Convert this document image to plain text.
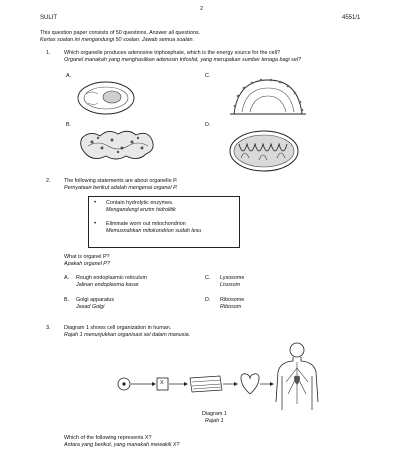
2
SULIT	4551/1
This question paper consists of 50 questions. Answer all questions.
Kertas soalan ini mengandungi 50 soalan. Jawab semua soalan.
1.	Which organelle produces adenosine triphosphate, which is the energy source for the cell?
Organel manakah yang menghasilkan adenosin trifosfat, yang merupakan sumber tenaga bagi sel?
A.	C.
B.	D.
2.	The following statements are about organelle P.
Pernyataan berikut adalah mengenai organel P.
• Contain hydrolytic enzymes.
Mengandungi enzim hidrolitik
• Eliminate worn out mitochondrion
Memusnahkan mitokondrion sudah lesu
What is organel P?
Apakah organel P?
A. Rough endoplasmic reticulum
Jalinan endoplasma kasar
B. Golgi apparatus
Jasad Golgi
C. Lysosome
Lisosom
D. Ribosome
Ribosom
3.	Diagram 1 shows cell organization in human.
Rajah 1 menunjukkan organisasi sel dalam manusia.
Diagram 1
Rajah 1
Which of the following represents X?
Antara yang berikut, yang manakah mewakili X?
X
